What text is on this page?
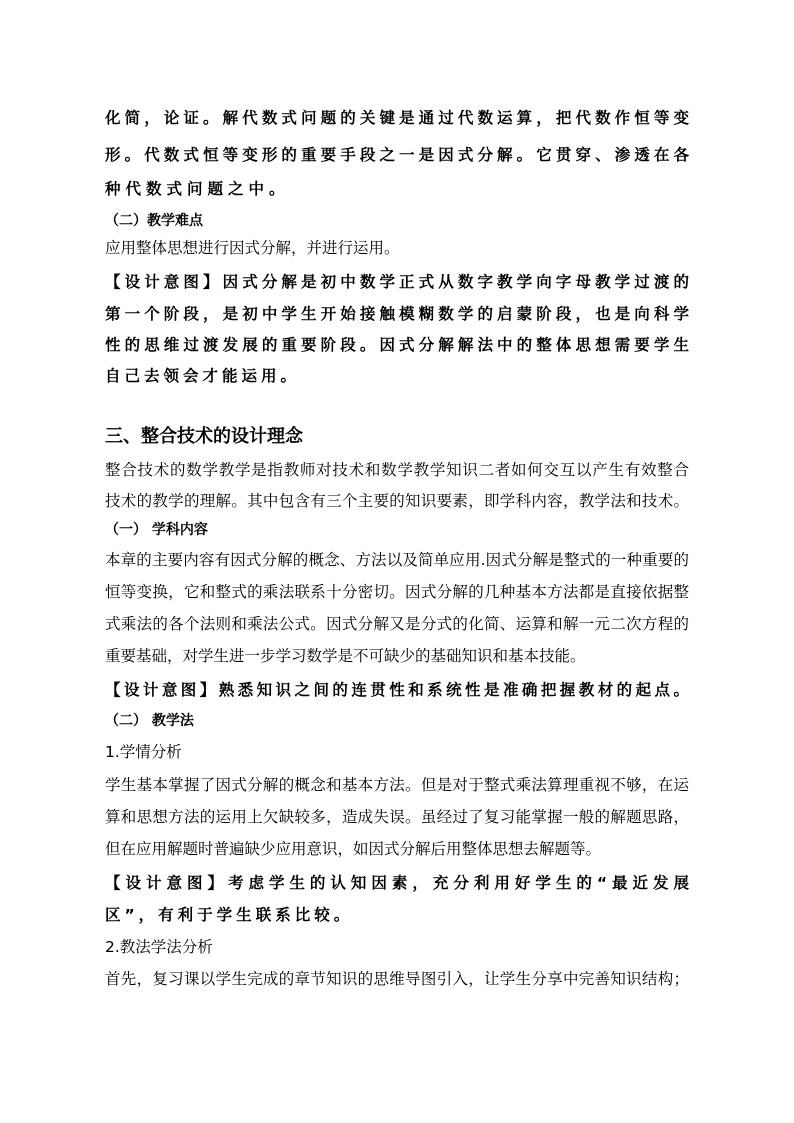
化简，论证。解代数式问题的关键是通过代数运算，把代数作恒等变
形。代数式恒等变形的重要手段之一是因式分解。它贯穿、渗透在各
种代数式问题之中。
（二）教学难点
应用整体思想进行因式分解，并进行运用。
【设计意图】因式分解是初中数学正式从数字教学向字母教学过渡的
第一个阶段，是初中学生开始接触模糊数学的启蒙阶段，也是向科学
性的思维过渡发展的重要阶段。因式分解解法中的整体思想需要学生
自己去领会才能运用。
三、整合技术的设计理念
整合技术的数学教学是指教师对技术和数学教学知识二者如何交互以产生有效整合
技术的教学的理解。其中包含有三个主要的知识要素，即学科内容，教学法和技术。
（一） 学科内容
本章的主要内容有因式分解的概念、方法以及简单应用.因式分解是整式的一种重要的
恒等变换，它和整式的乘法联系十分密切。因式分解的几种基本方法都是直接依据整
式乘法的各个法则和乘法公式。因式分解又是分式的化简、运算和解一元二次方程的
重要基础，对学生进一步学习数学是不可缺少的基础知识和基本技能。
【设计意图】熟悉知识之间的连贯性和系统性是准确把握教材的起点。
（二） 教学法
1.学情分析
学生基本掌握了因式分解的概念和基本方法。但是对于整式乘法算理重视不够，在运
算和思想方法的运用上欠缺较多，造成失误。虽经过了复习能掌握一般的解题思路，
但在应用解题时普遍缺少应用意识，如因式分解后用整体思想去解题等。
【设计意图】考虑学生的认知因素，充分利用好学生的“最近发展
区”，有利于学生联系比较。
2.教法学法分析
首先，复习课以学生完成的章节知识的思维导图引入，让学生分享中完善知识结构；
